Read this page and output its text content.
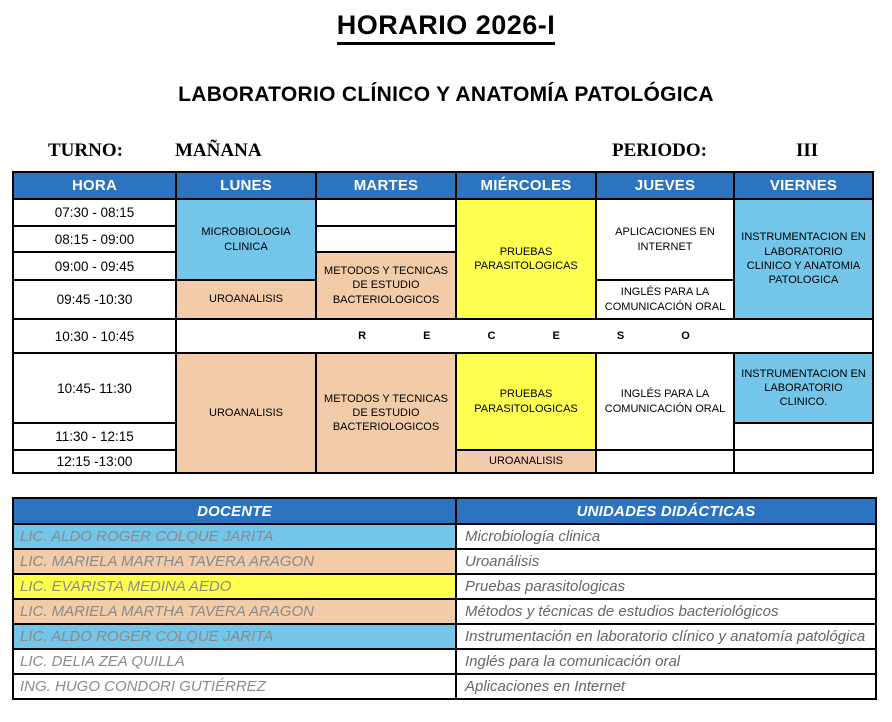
HORARIO 2026-I
LABORATORIO CLÍNICO Y ANATOMÍA PATOLÓGICA
TURNO:	MAÑANA	PERIODO:	III
HORA	LUNES	MARTES	MIÉRCOLES	JUEVES	VIERNES
07:30 - 08:15	MICROBIOLOGIA CLINICA		PRUEBAS PARASITOLOGICAS	APLICACIONES EN INTERNET	INSTRUMENTACION EN LABORATORIO CLINICO Y ANATOMIA PATOLOGICA
08:15 - 09:00					
09:00 - 09:45		METODOS Y TECNICAS DE ESTUDIO BACTERIOLOGICOS			
09:45 -10:30	UROANALISIS			INGLÉS PARA LA COMUNICACIÓN ORAL	
10:30 - 10:45	R E C E S O				
10:45- 11:30	UROANALISIS	METODOS Y TECNICAS DE ESTUDIO BACTERIOLOGICOS	PRUEBAS PARASITOLOGICAS	INGLÉS PARA LA COMUNICACIÓN ORAL	INSTRUMENTACION EN LABORATORIO CLINICO.
11:30 - 12:15					
12:15 -13:00			UROANALISIS		
DOCENTE	UNIDADES DIDÁCTICAS
LIC. ALDO ROGER COLQUE JARITA	Microbiología clinica
LIC. MARIELA MARTHA TAVERA ARAGON	Uroanálisis
LIC. EVARISTA MEDINA AEDO	Pruebas parasitologicas
LIC. MARIELA MARTHA TAVERA ARAGON	Métodos y técnicas de estudios bacteriológicos
LIC. ALDO ROGER COLQUE JARITA	Instrumentación en laboratorio clínico y anatomía patológica
LIC. DELIA ZEA QUILLA	Inglés para la comunicación oral
ING. HUGO CONDORI GUTIÉRREZ	Aplicaciones en Internet
